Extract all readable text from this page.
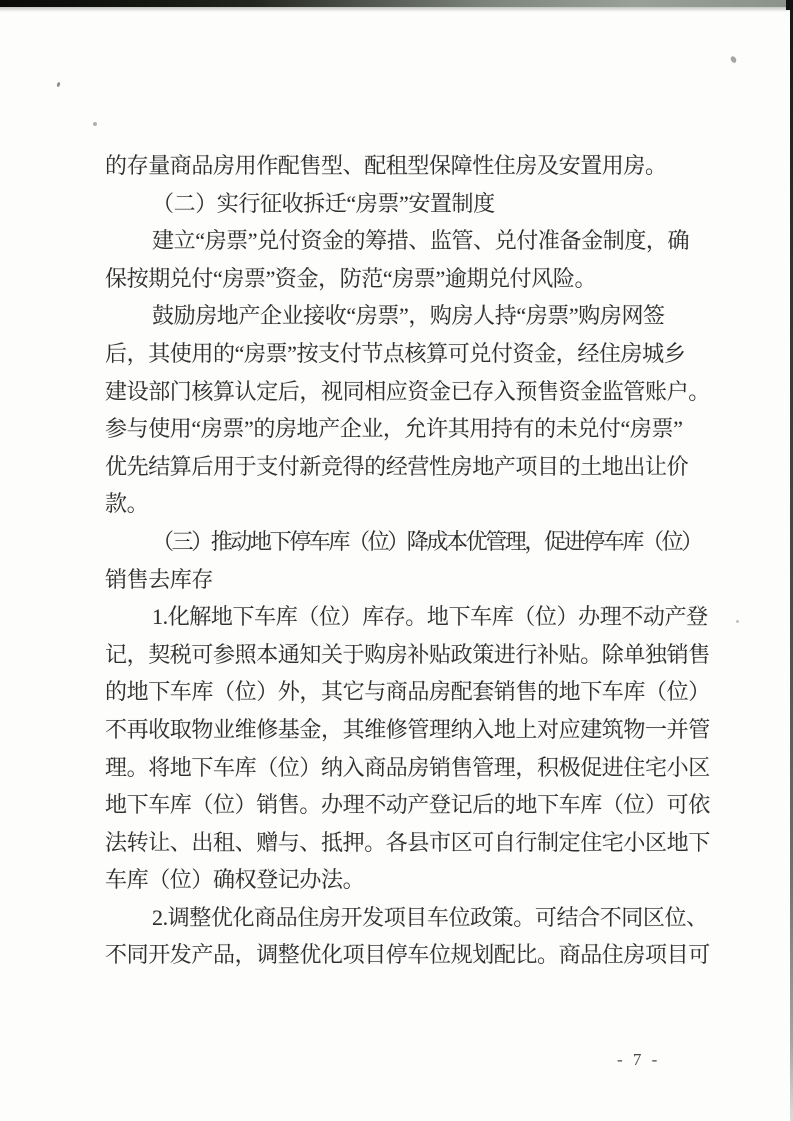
的存量商品房用作配售型、配租型保障性住房及安置用房。
（二）实行征收拆迁“房票”安置制度
建立“房票”兑付资金的筹措、监管、兑付准备金制度，确
保按期兑付“房票”资金，防范“房票”逾期兑付风险。
鼓励房地产企业接收“房票”，购房人持“房票”购房网签
后，其使用的“房票”按支付节点核算可兑付资金，经住房城乡
建设部门核算认定后，视同相应资金已存入预售资金监管账户。
参与使用“房票”的房地产企业，允许其用持有的未兑付“房票”
优先结算后用于支付新竞得的经营性房地产项目的土地出让价
款。
（三）推动地下停车库（位）降成本优管理，促进停车库（位）
销售去库存
1.化解地下车库（位）库存。地下车库（位）办理不动产登
记，契税可参照本通知关于购房补贴政策进行补贴。除单独销售
的地下车库（位）外，其它与商品房配套销售的地下车库（位）
不再收取物业维修基金，其维修管理纳入地上对应建筑物一并管
理。将地下车库（位）纳入商品房销售管理，积极促进住宅小区
地下车库（位）销售。办理不动产登记后的地下车库（位）可依
法转让、出租、赠与、抵押。各县市区可自行制定住宅小区地下
车库（位）确权登记办法。
2.调整优化商品住房开发项目车位政策。可结合不同区位、
不同开发产品，调整优化项目停车位规划配比。商品住房项目可
- 7 -
